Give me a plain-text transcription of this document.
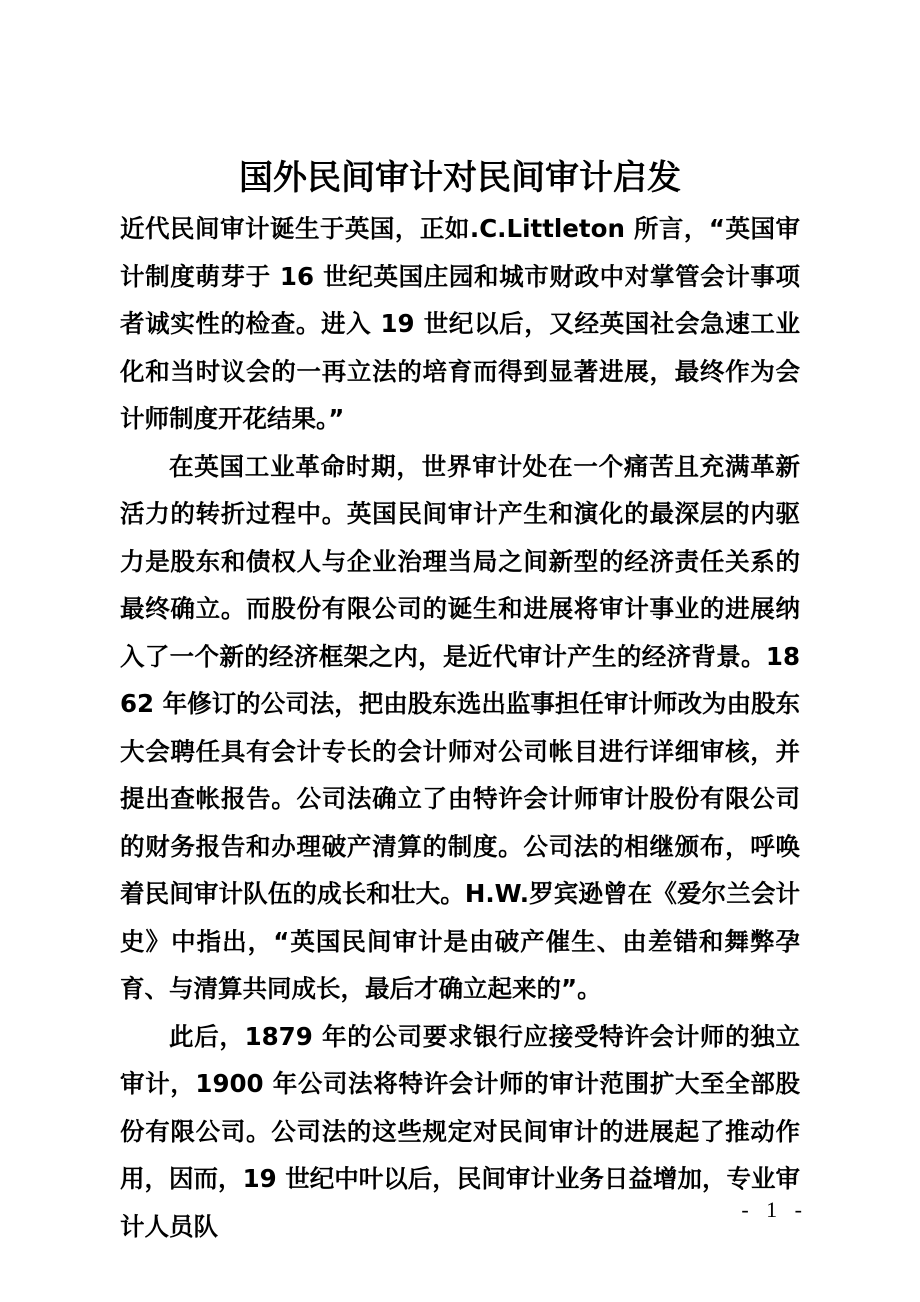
国外民间审计对民间审计启发

近代民间审计诞生于英国，正如.C.Littleton 所言，“英国审计制度萌芽于 16 世纪英国庄园和城市财政中对掌管会计事项者诚实性的检查。进入 19 世纪以后，又经英国社会急速工业化和当时议会的一再立法的培育而得到显著进展，最终作为会计师制度开花结果。”

在英国工业革命时期，世界审计处在一个痛苦且充满革新活力的转折过程中。英国民间审计产生和演化的最深层的内驱力是股东和债权人与企业治理当局之间新型的经济责任关系的最终确立。而股份有限公司的诞生和进展将审计事业的进展纳入了一个新的经济框架之内，是近代审计产生的经济背景。1862 年修订的公司法，把由股东选出监事担任审计师改为由股东大会聘任具有会计专长的会计师对公司帐目进行详细审核，并提出查帐报告。公司法确立了由特许会计师审计股份有限公司的财务报告和办理破产清算的制度。公司法的相继颁布，呼唤着民间审计队伍的成长和壮大。H.W.罗宾逊曾在《爱尔兰会计史》中指出，“英国民间审计是由破产催生、由差错和舞弊孕育、与清算共同成长，最后才确立起来的”。

此后，1879 年的公司要求银行应接受特许会计师的独立审计，1900 年公司法将特许会计师的审计范围扩大至全部股份有限公司。公司法的这些规定对民间审计的进展起了推动作用，因而，19 世纪中叶以后，民间审计业务日益增加，专业审计人员队

- 1 -
